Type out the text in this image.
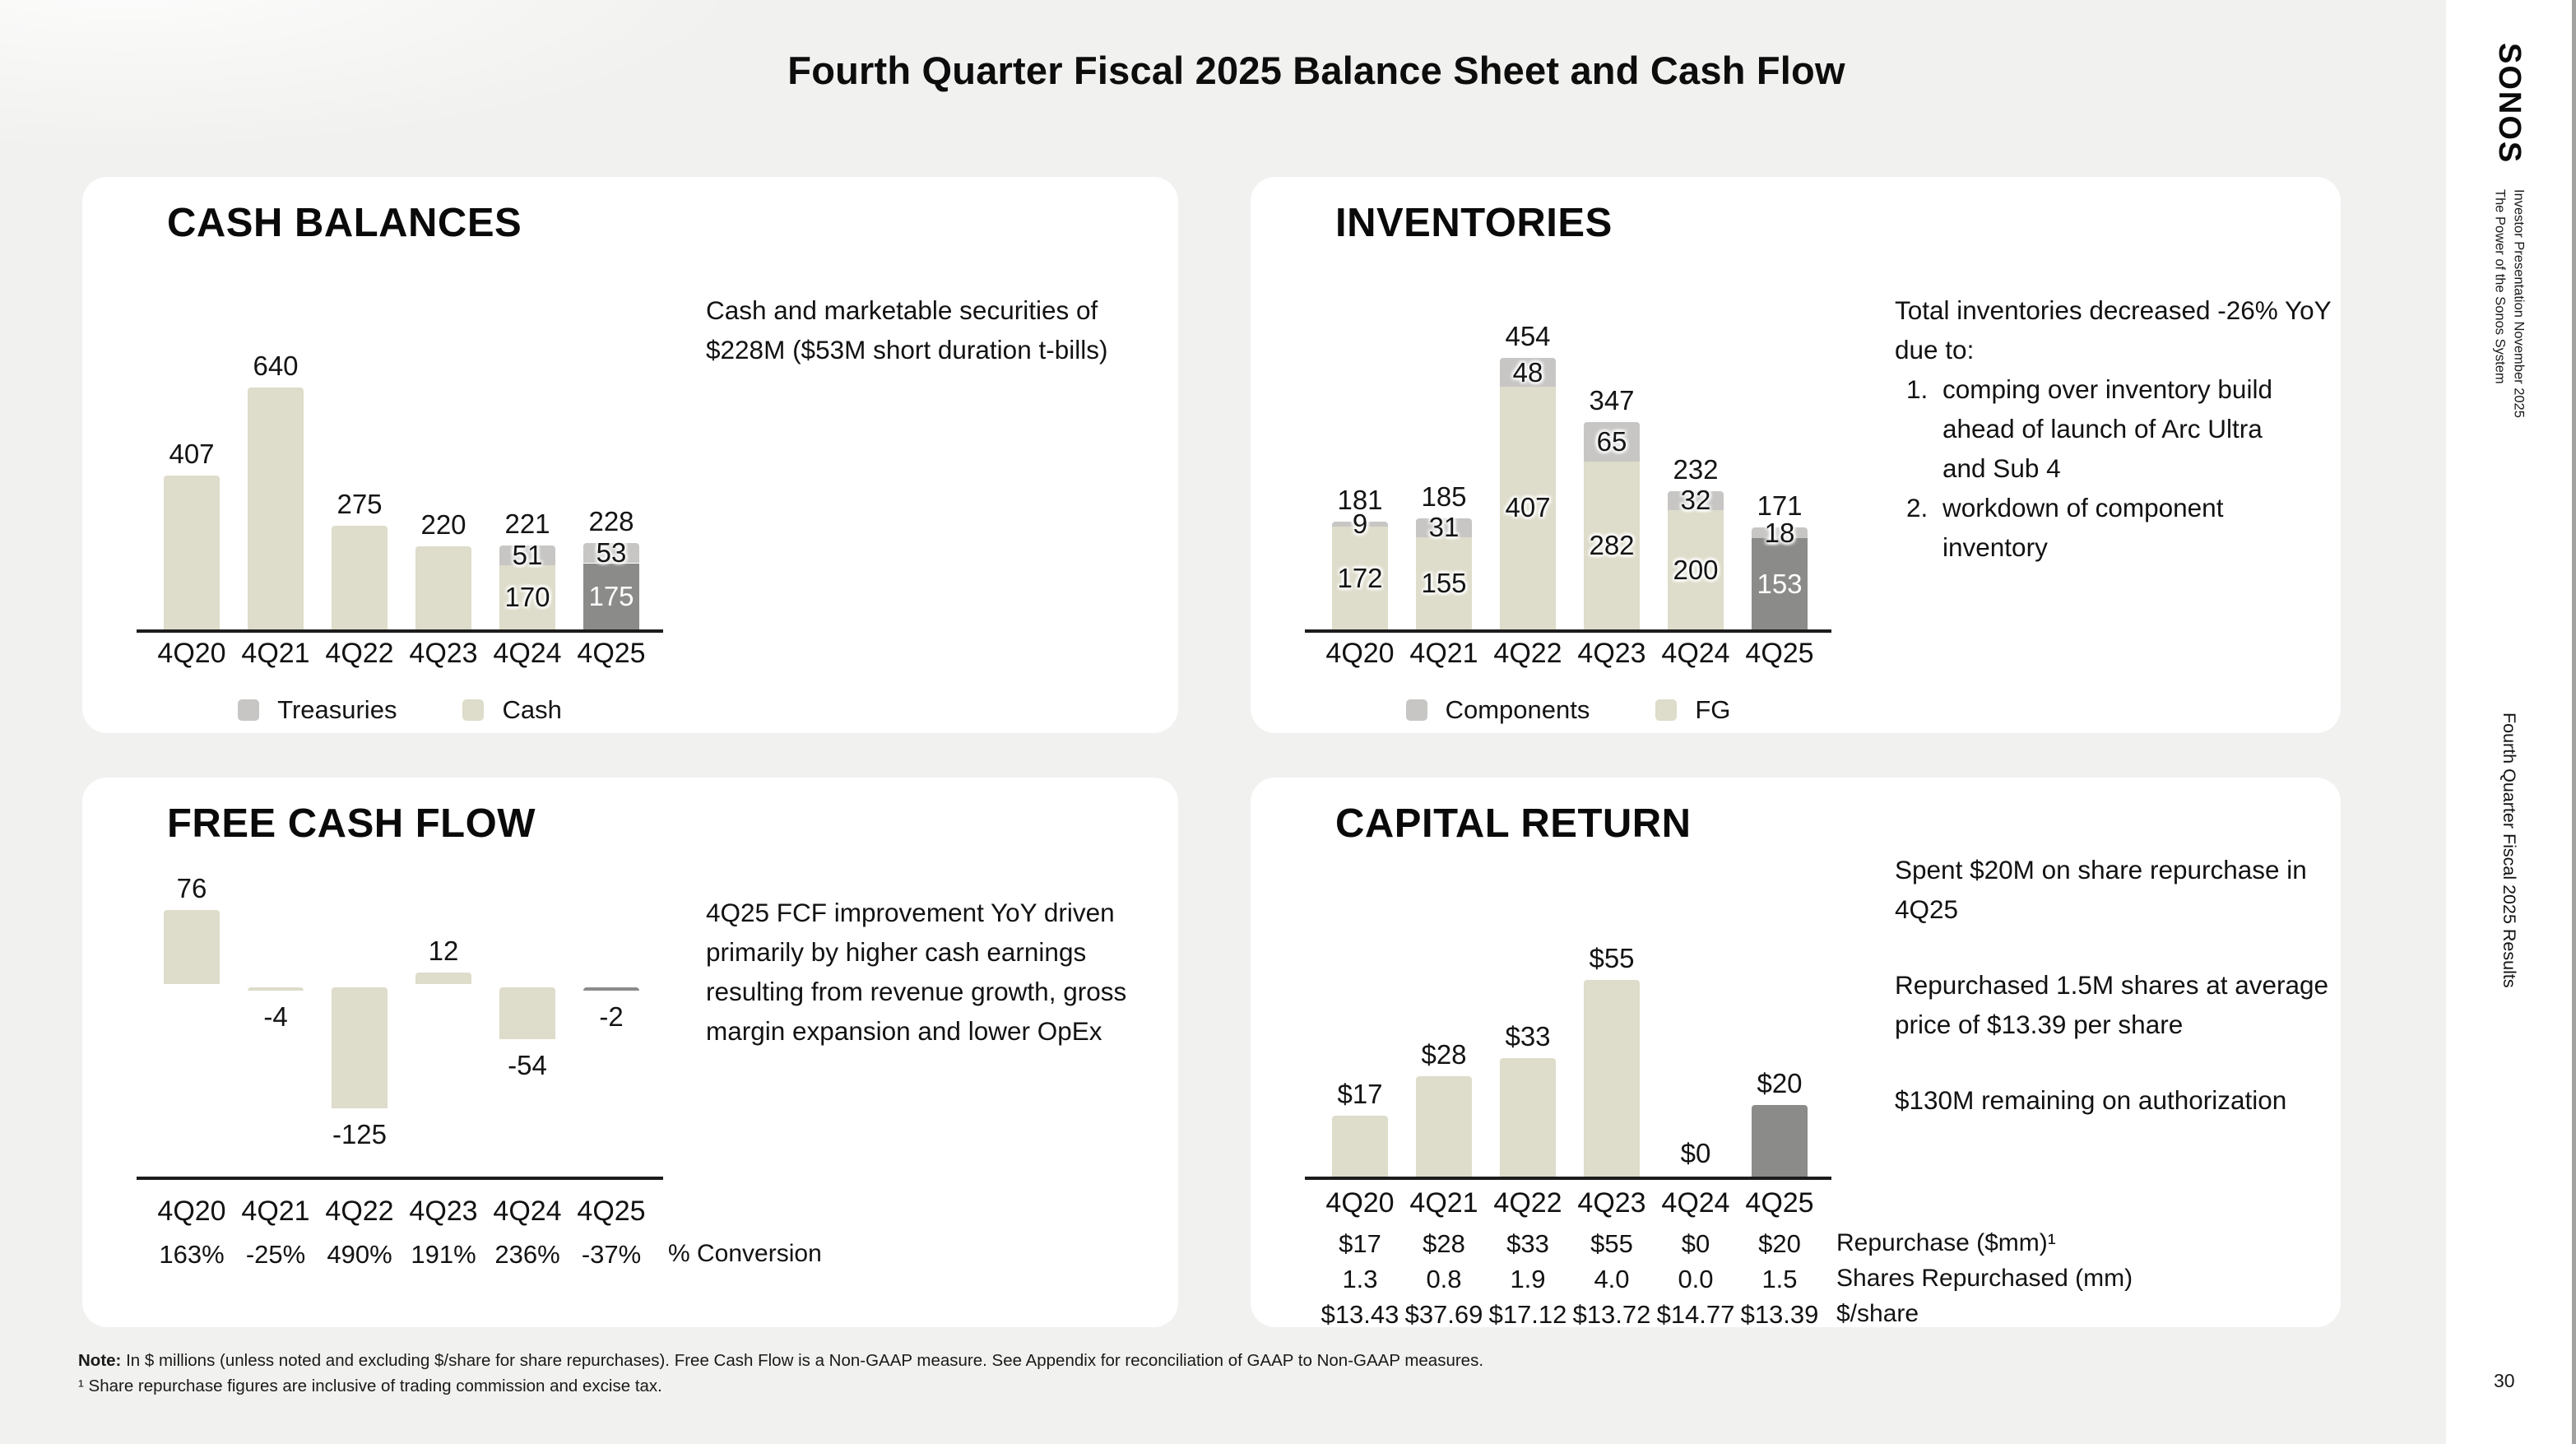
Fourth Quarter Fiscal 2025 Balance Sheet and Cash Flow
CASH BALANCES
Treasuries	Cash
Cash and marketable securities of $228M ($53M short duration t-bills)
407
4Q20
640
4Q21
275
4Q22
220
4Q23
170
51
221
4Q24
175
53
228
4Q25
INVENTORIES
Components	FG
Total inventories decreased -26% YoY due to:
1. comping over inventory build ahead of launch of Arc Ultra and Sub 4
2. workdown of component inventory
172
9
181
4Q20
155
31
185
4Q21
407
48
454
4Q22
282
65
347
4Q23
200
32
232
4Q24
153
18
171
4Q25
FREE CASH FLOW
4Q25 FCF improvement YoY driven primarily by higher cash earnings resulting from revenue growth, gross margin expansion and lower OpEx
76
4Q20
-4
4Q21
-125
4Q22
12
4Q23
-54
4Q24
-2
4Q25
163% -25% 490% 191% 236% -37%	% Conversion
CAPITAL RETURN

Spent $20M on share repurchase in 4Q25

Repurchased 1.5M shares at average price of $13.39 per share

$130M remaining on authorization

$17
4Q20
$28
4Q21
$33
4Q22
$55
4Q23
$0
4Q24
$20
4Q25
$17	$28	$33	$55	$0	$20	Repurchase ($mm)¹
1.3	0.8	1.9	4.0	0.0	1.5	Shares Repurchased (mm)
$13.43 $37.69 $17.12 $13.72 $14.77 $13.39 $/share
Note: In $ millions (unless noted and excluding $/share for share repurchases). Free Cash Flow is a Non-GAAP measure. See Appendix for reconciliation of GAAP to Non-GAAP measures.
¹ Share repurchase figures are inclusive of trading commission and excise tax.
SONOS
The Power of the Sonos System Investor Presentation November 2025
Fourth Quarter Fiscal 2025 Results
30
